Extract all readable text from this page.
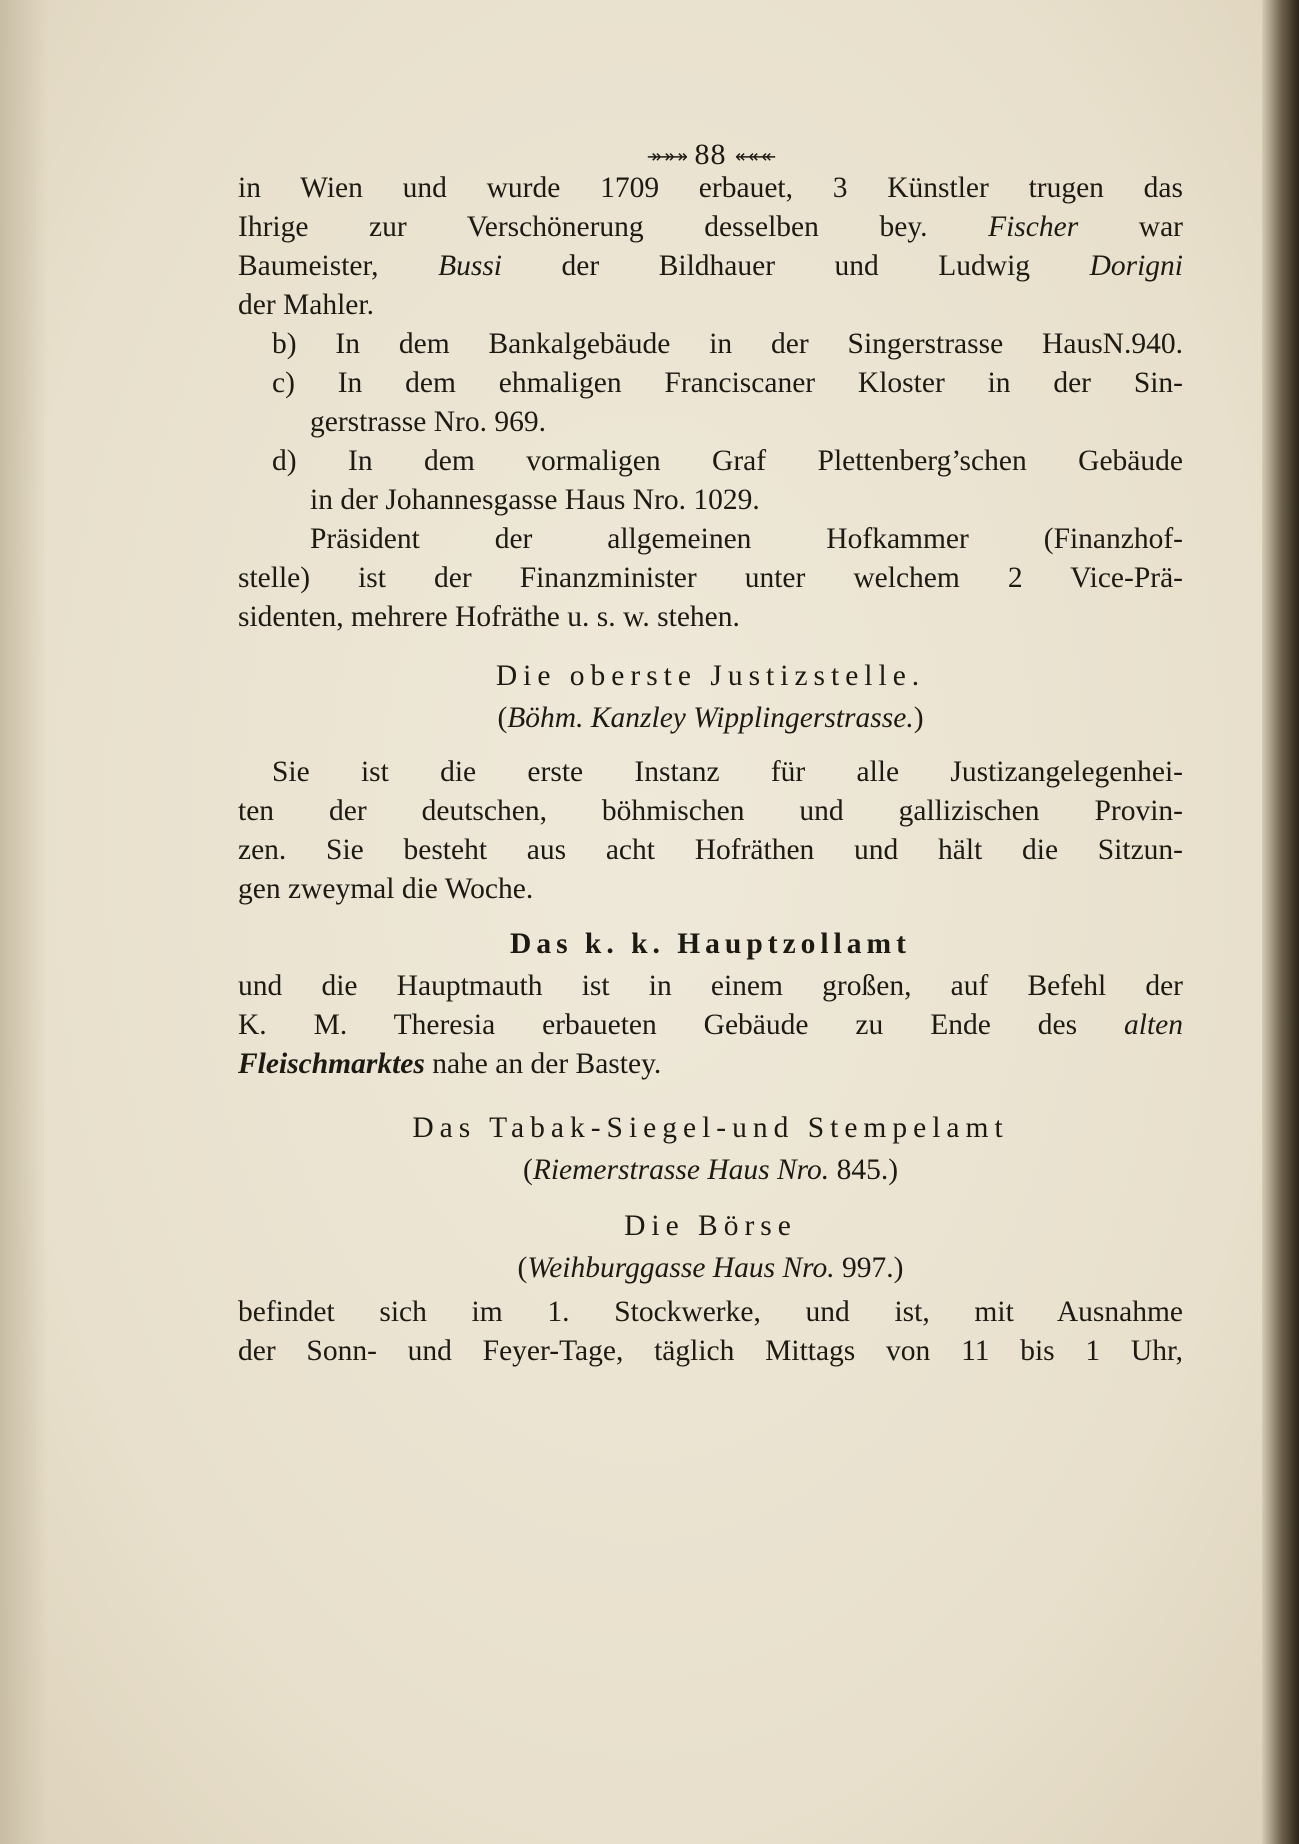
↠↠↠ 88 ↞↞↞
in Wien und wurde 1709 erbauet, 3 Künstler trugen das
Ihrige zur Verschönerung desselben bey. Fischer war
Baumeister, Bussi der Bildhauer und Ludwig Dorigni
der Mahler.
b) In dem Bankalgebäude in der Singerstrasse HausN.940.
c) In dem ehmaligen Franciscaner Kloster in der Sin-
gerstrasse Nro. 969.
d) In dem vormaligen Graf Plettenberg’schen Gebäude
in der Johannesgasse Haus Nro. 1029.
Präsident der allgemeinen Hofkammer (Finanzhof-
stelle) ist der Finanzminister unter welchem 2 Vice-Prä-
sidenten, mehrere Hofräthe u. s. w. stehen.
Die oberste Justizstelle.
(Böhm. Kanzley Wipplingerstrasse.)
Sie ist die erste Instanz für alle Justizangelegenhei-
ten der deutschen, böhmischen und gallizischen Provin-
zen. Sie besteht aus acht Hofräthen und hält die Sitzun-
gen zweymal die Woche.
Das k. k. Hauptzollamt
und die Hauptmauth ist in einem großen, auf Befehl der
K. M. Theresia erbaueten Gebäude zu Ende des alten
Fleischmarktes nahe an der Bastey.
Das Tabak-Siegel-und Stempelamt
(Riemerstrasse Haus Nro. 845.)
Die Börse
(Weihburggasse Haus Nro. 997.)
befindet sich im 1. Stockwerke, und ist, mit Ausnahme
der Sonn- und Feyer-Tage, täglich Mittags von 11 bis 1 Uhr,
